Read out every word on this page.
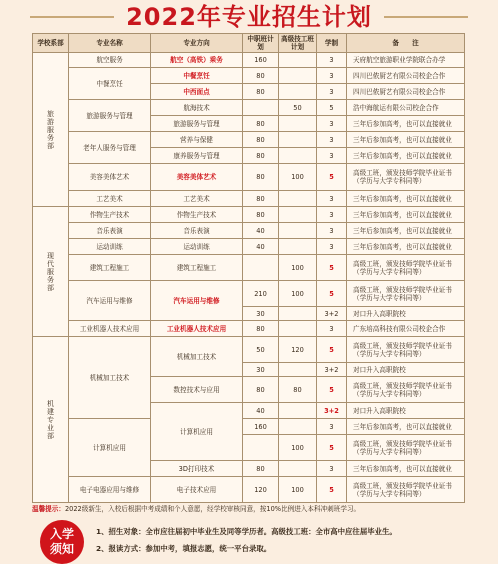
2022年专业招生计划
学校系部	专业名称	专业方向	中职班计划	高级技工班计划	学制	备　　注

旅游服务部	航空服务	航空（高铁）乘务	160		3	天府航空旅游职业学院联合办学
	中餐烹饪	中餐烹饪	80		3	四川巴侬厨艺有限公司校企合作
		中西面点	80		3	四川巴侬厨艺有限公司校企合作
	旅游服务与管理	航海技术		50	5	浩中海航运有限公司校企合作
		旅游服务与管理	80		3	三年后参加高考，也可以直接就业
	老年人服务与管理	营养与保健	80		3	三年后参加高考，也可以直接就业
		康养服务与管理	80		3	三年后参加高考，也可以直接就业
	美容美体艺术	美容美体艺术	80	100	5	高级工班，颁发技师学院毕业证书（学历与大学专科同等）
	工艺美术	工艺美术	80		3	三年后参加高考，也可以直接就业

现代服务部	作物生产技术	作物生产技术	80		3	三年后参加高考，也可以直接就业
	音乐表演	音乐表演	40		3	三年后参加高考，也可以直接就业
	运动训练	运动训练	40		3	三年后参加高考，也可以直接就业
	建筑工程施工	建筑工程施工		100	5	高级工班，颁发技师学院毕业证书（学历与大学专科同等）
	汽车运用与维修	汽车运用与维修	210	100	5	高级工班，颁发技师学院毕业证书（学历与大学专科同等）
			30		3+2	对口升入高职院校
	工业机器人技术应用	工业机器人技术应用	80		3	广东培高科技有限公司校企合作

机建专业部	机械加工技术	机械加工技术	50	120	5	高级工班，颁发技师学院毕业证书（学历与大学专科同等）
			30		3+2	对口升入高职院校
		数控技术与应用	80	80	5	高级工班，颁发技师学院毕业证书（学历与大学专科同等）
		计算机应用	40		3+2	对口升入高职院校
	计算机应用		160		3	三年后参加高考，也可以直接就业
				100	5	高级工班，颁发技师学院毕业证书（学历与大学专科同等）
		3D打印技术	80		3	三年后参加高考，也可以直接就业
	电子电器应用与维修	电子技术应用	120	100	5	高级工班，颁发技师学院毕业证书（学历与大学专科同等）
温馨提示：2022级新生，入校后根据中考成绩和个人意愿，经学校审核同意，按10%比例进入本科冲刺班学习。
入学须知
1、招生对象：全市应往届初中毕业生及同等学历者。高级技工班：全市高中应往届毕业生。
2、报读方式：参加中考，填报志愿，统一平台录取。
